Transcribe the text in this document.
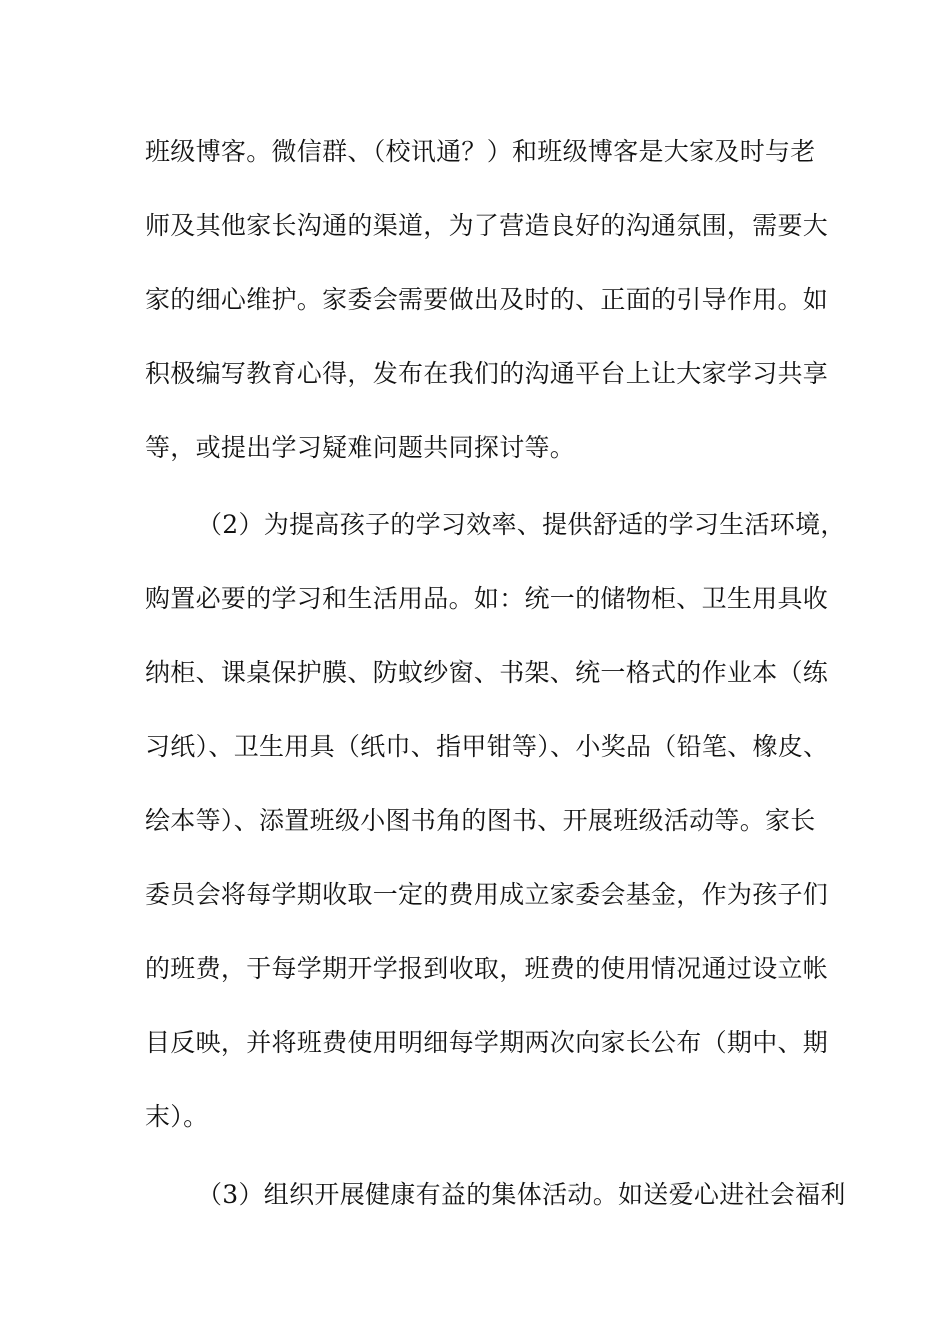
班级博客。微信群、（校讯通？）和班级博客是大家及时与老
师及其他家长沟通的渠道，为了营造良好的沟通氛围，需要大
家的细心维护。家委会需要做出及时的、正面的引导作用。如
积极编写教育心得，发布在我们的沟通平台上让大家学习共享
等，或提出学习疑难问题共同探讨等。
（2）为提高孩子的学习效率、提供舒适的学习生活环境，
购置必要的学习和生活用品。如：统一的储物柜、卫生用具收
纳柜、课桌保护膜、防蚊纱窗、书架、统一格式的作业本（练
习纸）、卫生用具（纸巾、指甲钳等）、小奖品（铅笔、橡皮、
绘本等）、添置班级小图书角的图书、开展班级活动等。家长
委员会将每学期收取一定的费用成立家委会基金，作为孩子们
的班费，于每学期开学报到收取，班费的使用情况通过设立帐
目反映，并将班费使用明细每学期两次向家长公布（期中、期
末）。
（3）组织开展健康有益的集体活动。如送爱心进社会福利
